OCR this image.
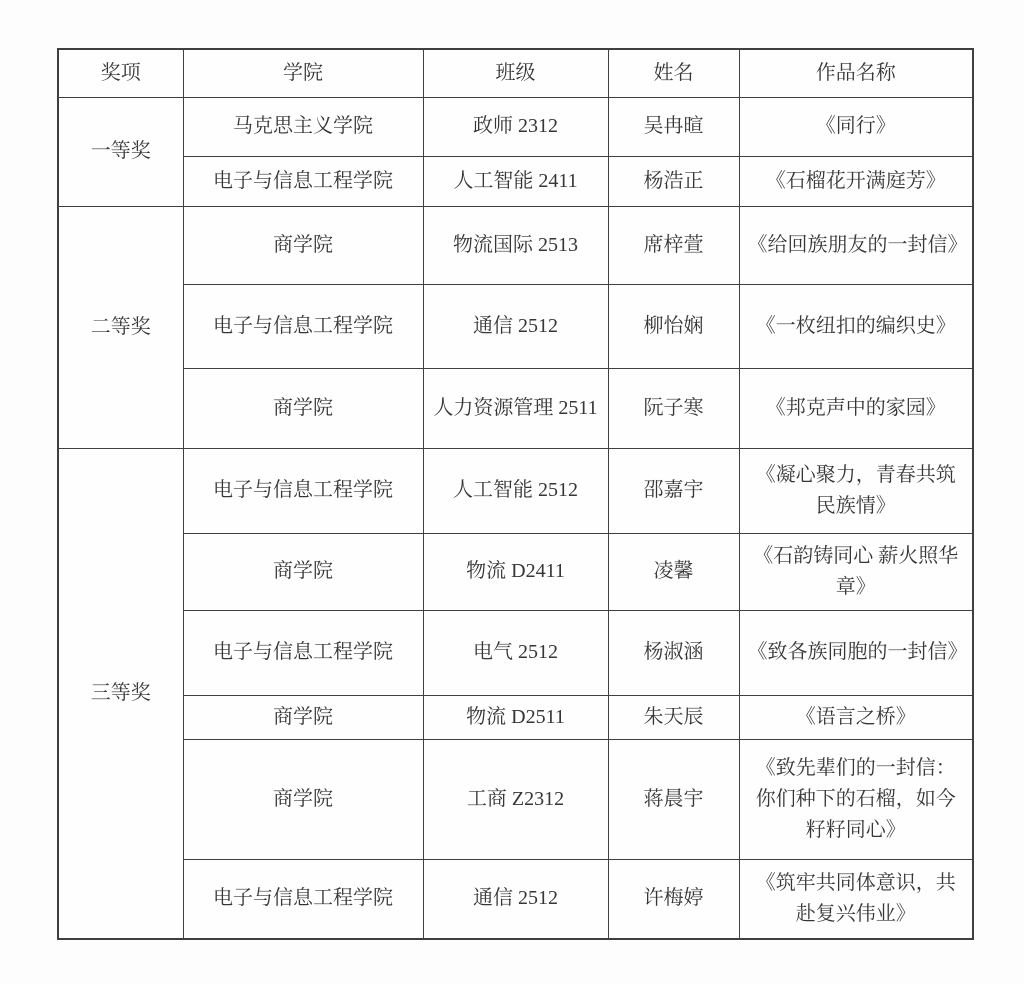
奖项	学院	班级	姓名	作品名称
一等奖	马克思主义学院	政师 2312	吴冉暄	《同行》
	电子与信息工程学院	人工智能 2411	杨浩正	《石榴花开满庭芳》
二等奖	商学院	物流国际 2513	席梓萱	《给回族朋友的一封信》
	电子与信息工程学院	通信 2512	柳怡娴	《一枚纽扣的编织史》
	商学院	人力资源管理 2511	阮子寒	《邦克声中的家园》
三等奖	电子与信息工程学院	人工智能 2512	邵嘉宇	《凝心聚力，青春共筑民族情》
	商学院	物流 D2411	凌馨	《石韵铸同心 薪火照华章》
	电子与信息工程学院	电气 2512	杨淑涵	《致各族同胞的一封信》
	商学院	物流 D2511	朱天辰	《语言之桥》
	商学院	工商 Z2312	蒋晨宇	《致先辈们的一封信：你们种下的石榴，如今籽籽同心》
	电子与信息工程学院	通信 2512	许梅婷	《筑牢共同体意识，共赴复兴伟业》
